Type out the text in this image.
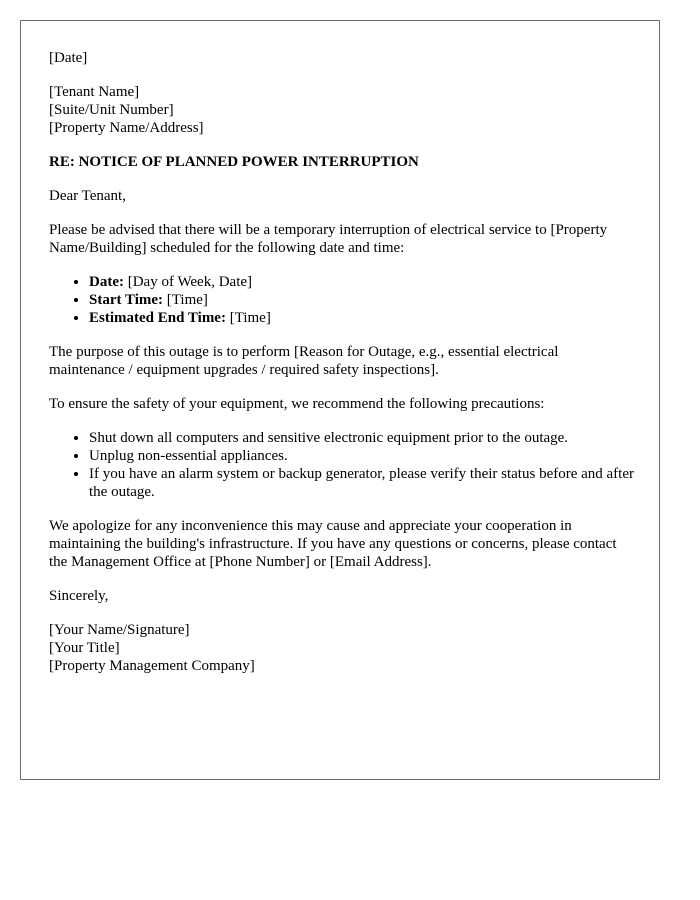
[Date]

[Tenant Name]
[Suite/Unit Number]
[Property Name/Address]

RE: NOTICE OF PLANNED POWER INTERRUPTION

Dear Tenant,

Please be advised that there will be a temporary interruption of electrical service to [Property Name/Building] scheduled for the following date and time:

• Date: [Day of Week, Date]
• Start Time: [Time]
• Estimated End Time: [Time]

The purpose of this outage is to perform [Reason for Outage, e.g., essential electrical maintenance / equipment upgrades / required safety inspections].

To ensure the safety of your equipment, we recommend the following precautions:

• Shut down all computers and sensitive electronic equipment prior to the outage.
• Unplug non-essential appliances.
• If you have an alarm system or backup generator, please verify their status before and after the outage.

We apologize for any inconvenience this may cause and appreciate your cooperation in maintaining the building's infrastructure. If you have any questions or concerns, please contact the Management Office at [Phone Number] or [Email Address].

Sincerely,

[Your Name/Signature]
[Your Title]
[Property Management Company]
